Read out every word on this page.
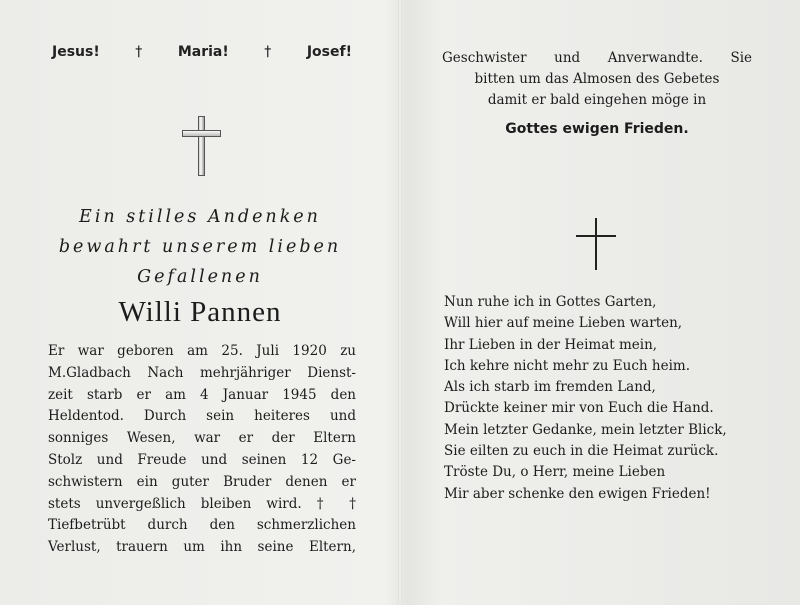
Jesus!	†	Maria!	†	Josef!
Ein stilles Andenken
bewahrt unserem lieben
Gefallenen
Willi Pannen
Er war geboren am 25. Juli 1920 zu
M.Gladbach Nach mehrjähriger Dienst-
zeit starb er am 4 Januar 1945 den
Heldentod. Durch sein heiteres und
sonniges Wesen, war er der Eltern
Stolz und Freude und seinen 12 Ge-
schwistern ein guter Bruder denen er
stets unvergeßlich bleiben wird. † †
Tiefbetrübt durch den schmerzlichen
Verlust, trauern um ihn seine Eltern,
Geschwister und Anverwandte. Sie
bitten um das Almosen des Gebetes
damit er bald eingehen möge in
Gottes ewigen Frieden.
Nun ruhe ich in Gottes Garten,
Will hier auf meine Lieben warten,
Ihr Lieben in der Heimat mein,
Ich kehre nicht mehr zu Euch heim.
Als ich starb im fremden Land,
Drückte keiner mir von Euch die Hand.
Mein letzter Gedanke, mein letzter Blick,
Sie eilten zu euch in die Heimat zurück.
Tröste Du, o Herr, meine Lieben
Mir aber schenke den ewigen Frieden!
